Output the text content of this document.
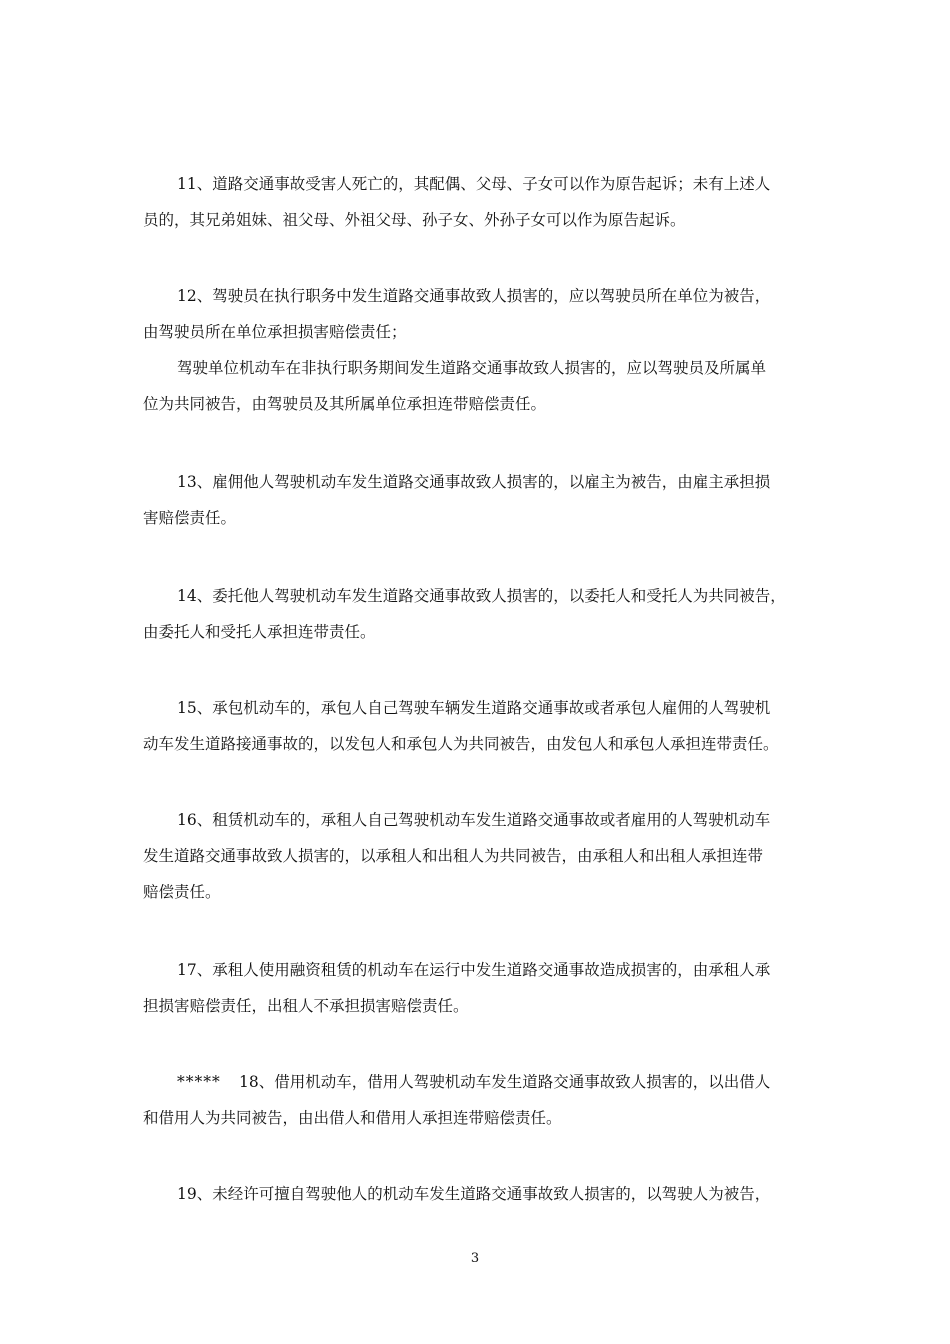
11、道路交通事故受害人死亡的，其配偶、父母、子女可以作为原告起诉；未有上述人
员的，其兄弟姐妹、祖父母、外祖父母、孙子女、外孙子女可以作为原告起诉。
12、驾驶员在执行职务中发生道路交通事故致人损害的，应以驾驶员所在单位为被告，
由驾驶员所在单位承担损害赔偿责任；
驾驶单位机动车在非执行职务期间发生道路交通事故致人损害的，应以驾驶员及所属单
位为共同被告，由驾驶员及其所属单位承担连带赔偿责任。
13、雇佣他人驾驶机动车发生道路交通事故致人损害的，以雇主为被告，由雇主承担损
害赔偿责任。
14、委托他人驾驶机动车发生道路交通事故致人损害的，以委托人和受托人为共同被告，
由委托人和受托人承担连带责任。
15、承包机动车的，承包人自己驾驶车辆发生道路交通事故或者承包人雇佣的人驾驶机
动车发生道路接通事故的，以发包人和承包人为共同被告，由发包人和承包人承担连带责任。
16、租赁机动车的，承租人自己驾驶机动车发生道路交通事故或者雇用的人驾驶机动车
发生道路交通事故致人损害的，以承租人和出租人为共同被告，由承租人和出租人承担连带
赔偿责任。
17、承租人使用融资租赁的机动车在运行中发生道路交通事故造成损害的，由承租人承
担损害赔偿责任，出租人不承担损害赔偿责任。
***** 18、借用机动车，借用人驾驶机动车发生道路交通事故致人损害的，以出借人
和借用人为共同被告，由出借人和借用人承担连带赔偿责任。
19、未经许可擅自驾驶他人的机动车发生道路交通事故致人损害的，以驾驶人为被告，
3
